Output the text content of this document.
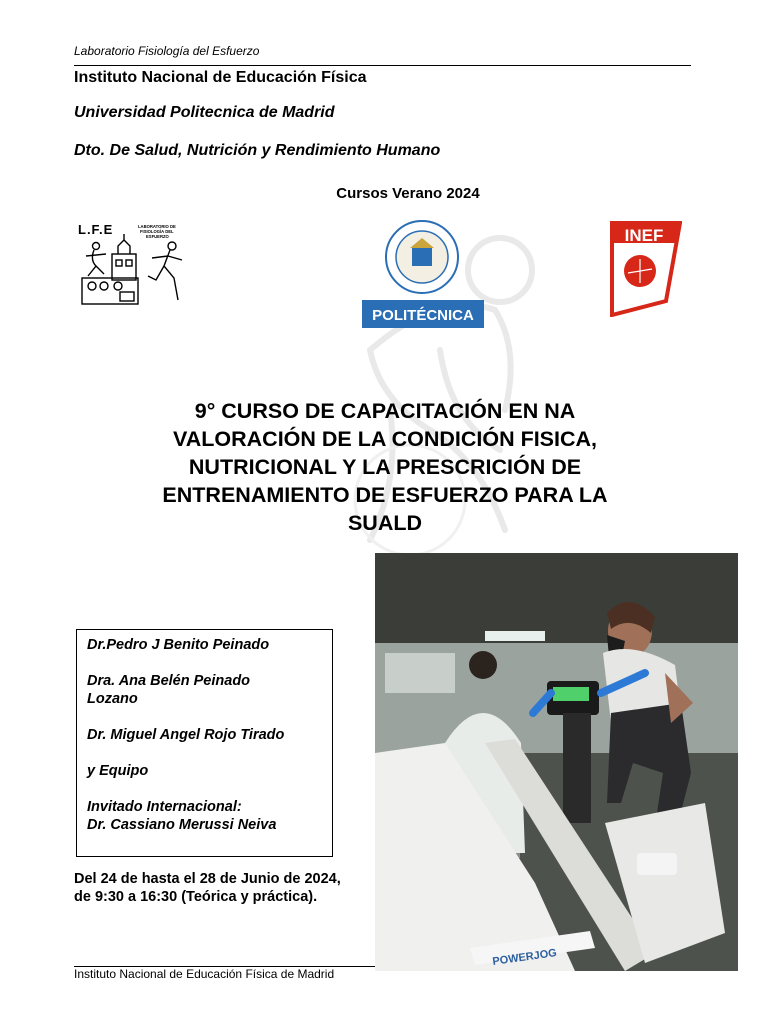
Laboratorio Fisiología del Esfuerzo
Instituto Nacional de Educación Física
Universidad Politecnica de Madrid
Dto. De Salud, Nutrición y Rendimiento Humano
Cursos Verano 2024
L.F.E	LABORATORIO DE
FISIOLOGÍA DEL
ESFUERZO
POLITÉCNICA
INEF
9° CURSO DE CAPACITACIÓN EN NA
VALORACIÓN DE LA CONDICIÓN FISICA,
NUTRICIONAL Y LA PRESCRICIÓN DE
ENTRENAMIENTO DE ESFUERZO PARA LA
SUALD
Dr.Pedro J Benito Peinado
Dra. Ana Belén Peinado
Lozano
Dr. Miguel Angel Rojo Tirado
y Equipo
Invitado Internacional:
Dr. Cassiano Merussi Neiva
Del 24 de hasta el 28 de Junio de 2024,
de 9:30 a 16:30 (Teórica y práctica).
POWERJOG
Instituto Nacional de Educación Física de Madrid
